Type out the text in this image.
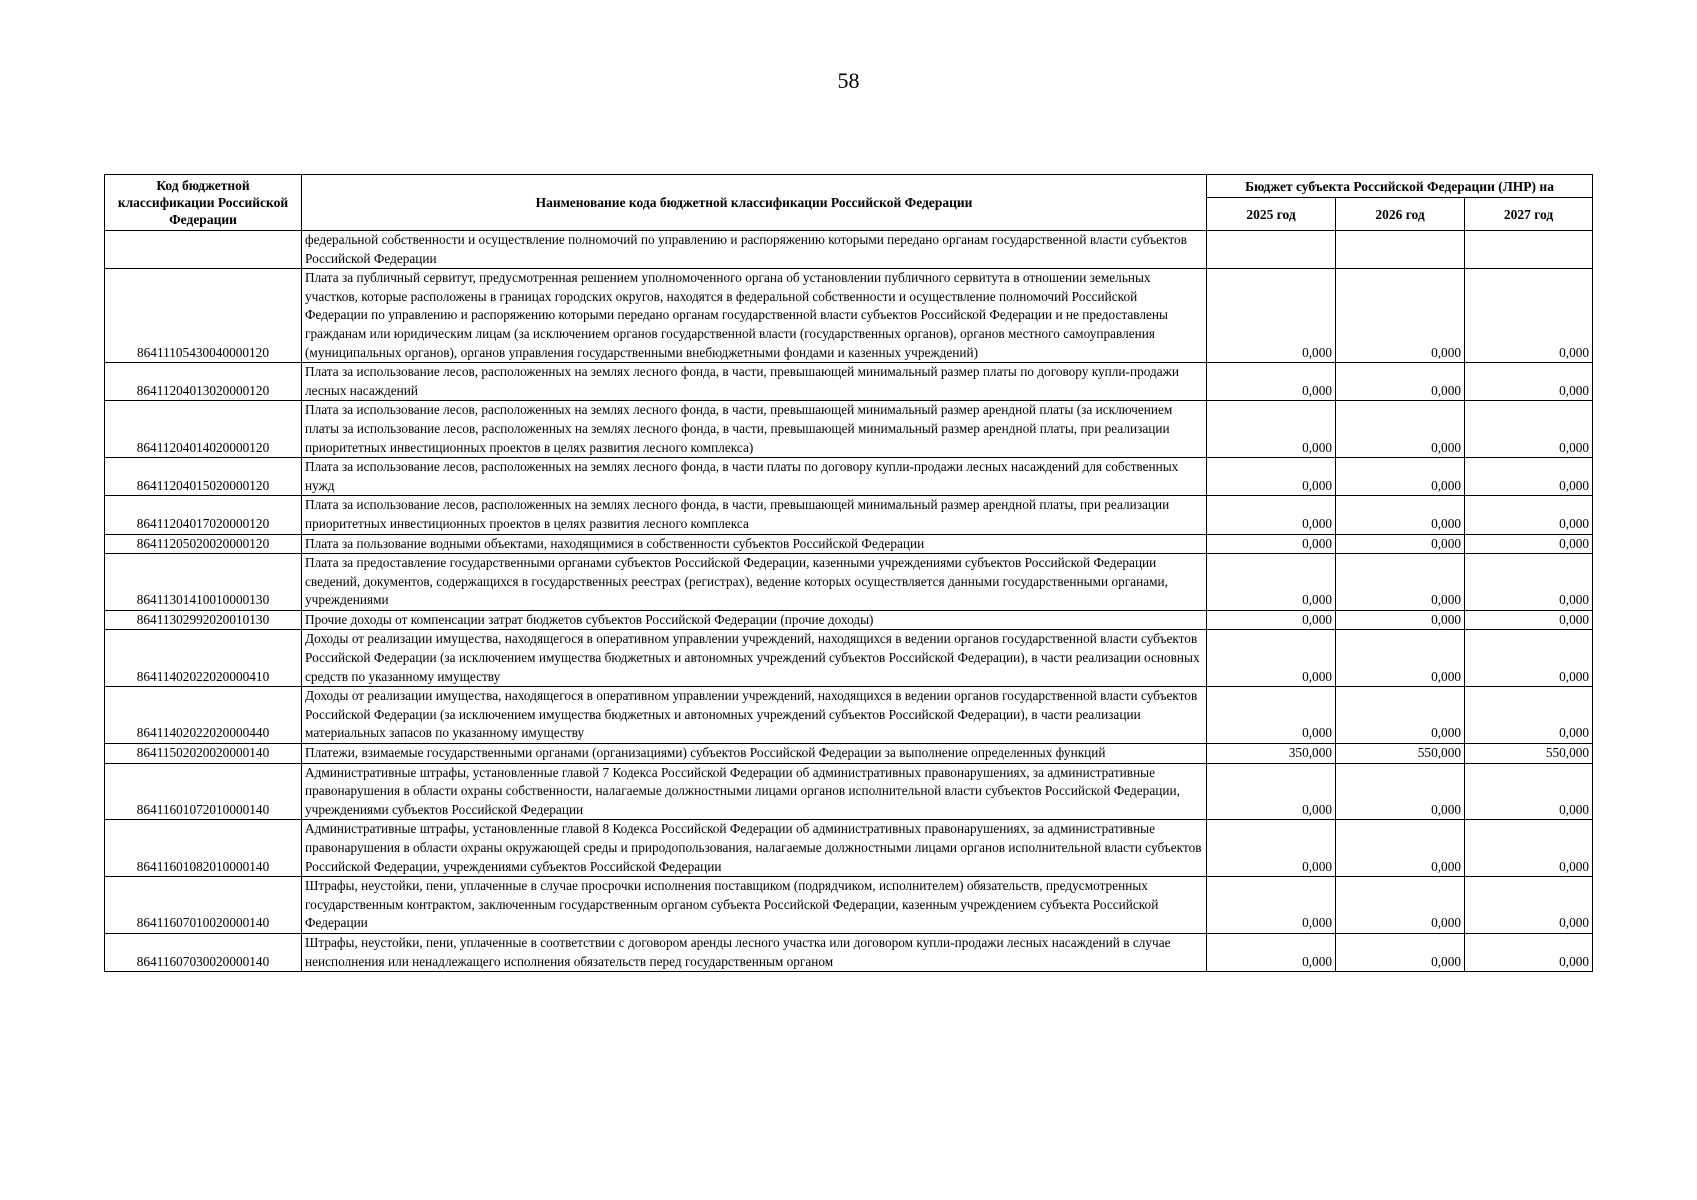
58
Код бюджетной классификации Российской Федерации	Наименование кода бюджетной классификации Российской Федерации	Бюджет субъекта Российской Федерации (ЛНР) на		
		2025 год	2026 год	2027 год
	федеральной собственности и осуществление полномочий по управлению и распоряжению которыми передано органам государственной власти субъектов Российской Федерации			
86411105430040000120	Плата за публичный сервитут, предусмотренная решением уполномоченного органа об установлении публичного сервитута в отношении земельных участков, которые расположены в границах городских округов, находятся в федеральной собственности и осуществление полномочий Российской Федерации по управлению и распоряжению которыми передано органам государственной власти субъектов Российской Федерации и не предоставлены гражданам или юридическим лицам (за исключением органов государственной власти (государственных органов), органов местного самоуправления (муниципальных органов), органов управления государственными внебюджетными фондами и казенных учреждений)	0,000	0,000	0,000
86411204013020000120	Плата за использование лесов, расположенных на землях лесного фонда, в части, превышающей минимальный размер платы по договору купли-продажи лесных насаждений	0,000	0,000	0,000
86411204014020000120	Плата за использование лесов, расположенных на землях лесного фонда, в части, превышающей минимальный размер арендной платы (за исключением платы за использование лесов, расположенных на землях лесного фонда, в части, превышающей минимальный размер арендной платы, при реализации приоритетных инвестиционных проектов в целях развития лесного комплекса)	0,000	0,000	0,000
86411204015020000120	Плата за использование лесов, расположенных на землях лесного фонда, в части платы по договору купли-продажи лесных насаждений для собственных нужд	0,000	0,000	0,000
86411204017020000120	Плата за использование лесов, расположенных на землях лесного фонда, в части, превышающей минимальный размер арендной платы, при реализации приоритетных инвестиционных проектов в целях развития лесного комплекса	0,000	0,000	0,000
86411205020020000120	Плата за пользование водными объектами, находящимися в собственности субъектов Российской Федерации	0,000	0,000	0,000
86411301410010000130	Плата за предоставление государственными органами субъектов Российской Федерации, казенными учреждениями субъектов Российской Федерации сведений, документов, содержащихся в государственных реестрах (регистрах), ведение которых осуществляется данными государственными органами, учреждениями	0,000	0,000	0,000
86411302992020010130	Прочие доходы от компенсации затрат бюджетов субъектов Российской Федерации (прочие доходы)	0,000	0,000	0,000
86411402022020000410	Доходы от реализации имущества, находящегося в оперативном управлении учреждений, находящихся в ведении органов государственной власти субъектов Российской Федерации (за исключением имущества бюджетных и автономных учреждений субъектов Российской Федерации), в части реализации основных средств по указанному имуществу	0,000	0,000	0,000
86411402022020000440	Доходы от реализации имущества, находящегося в оперативном управлении учреждений, находящихся в ведении органов государственной власти субъектов Российской Федерации (за исключением имущества бюджетных и автономных учреждений субъектов Российской Федерации), в части реализации материальных запасов по указанному имуществу	0,000	0,000	0,000
86411502020020000140	Платежи, взимаемые государственными органами (организациями) субъектов Российской Федерации за выполнение определенных функций	350,000	550,000	550,000
86411601072010000140	Административные штрафы, установленные главой 7 Кодекса Российской Федерации об административных правонарушениях, за административные правонарушения в области охраны собственности, налагаемые должностными лицами органов исполнительной власти субъектов Российской Федерации, учреждениями субъектов Российской Федерации	0,000	0,000	0,000
86411601082010000140	Административные штрафы, установленные главой 8 Кодекса Российской Федерации об административных правонарушениях, за административные правонарушения в области охраны окружающей среды и природопользования, налагаемые должностными лицами органов исполнительной власти субъектов Российской Федерации, учреждениями субъектов Российской Федерации	0,000	0,000	0,000
86411607010020000140	Штрафы, неустойки, пени, уплаченные в случае просрочки исполнения поставщиком (подрядчиком, исполнителем) обязательств, предусмотренных государственным контрактом, заключенным государственным органом субъекта Российской Федерации, казенным учреждением субъекта Российской Федерации	0,000	0,000	0,000
86411607030020000140	Штрафы, неустойки, пени, уплаченные в соответствии с договором аренды лесного участка или договором купли-продажи лесных насаждений в случае неисполнения или ненадлежащего исполнения обязательств перед государственным органом	0,000	0,000	0,000
